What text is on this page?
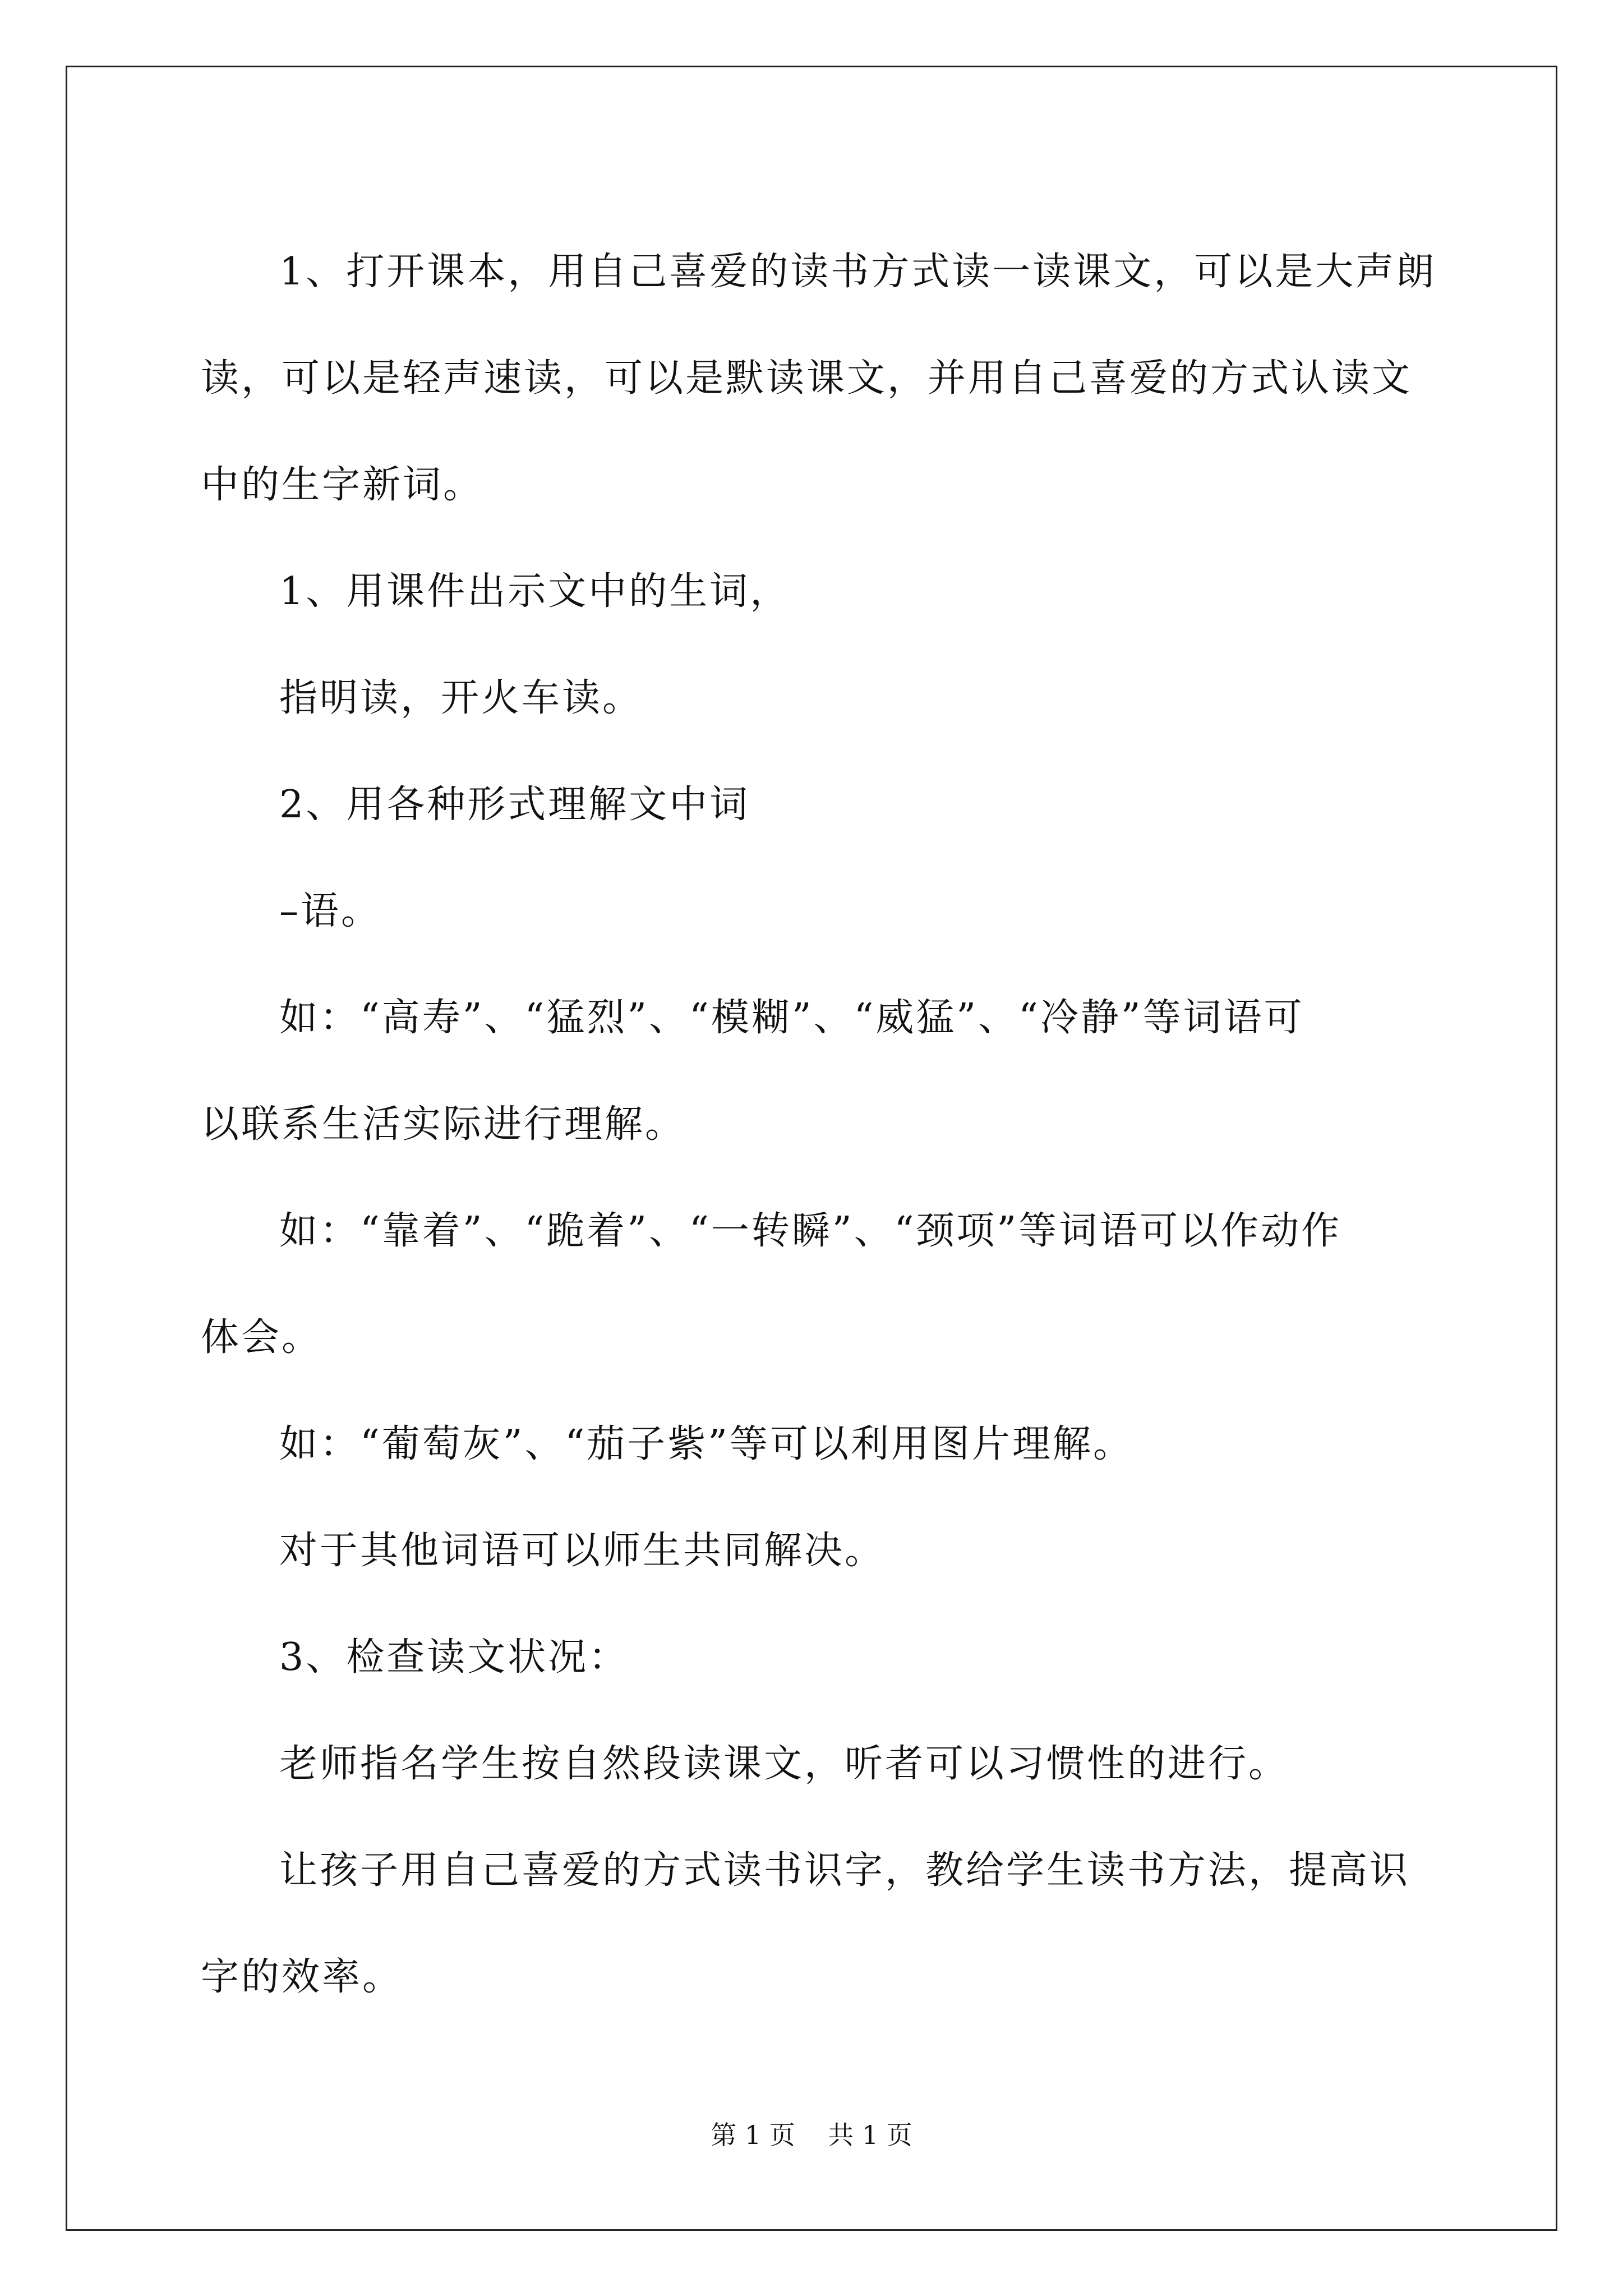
1、打开课本，用自己喜爱的读书方式读一读课文，可以是大声朗

读，可以是轻声速读，可以是默读课文，并用自己喜爱的方式认读文

中的生字新词。

1、用课件出示文中的生词，

指明读，开火车读。

2、用各种形式理解文中词

–语。

如：“高寿”、“猛烈”、“模糊”、“威猛”、“冷静”等词语可

以联系生活实际进行理解。

如：“靠着”、“跪着”、“一转瞬”、“颈项”等词语可以作动作

体会。

如：“葡萄灰”、“茄子紫”等可以利用图片理解。

对于其他词语可以师生共同解决。

3、检查读文状况：

老师指名学生按自然段读课文，听者可以习惯性的进行。

让孩子用自己喜爱的方式读书识字，教给学生读书方法，提高识

字的效率。

第 1 页    共 1 页
